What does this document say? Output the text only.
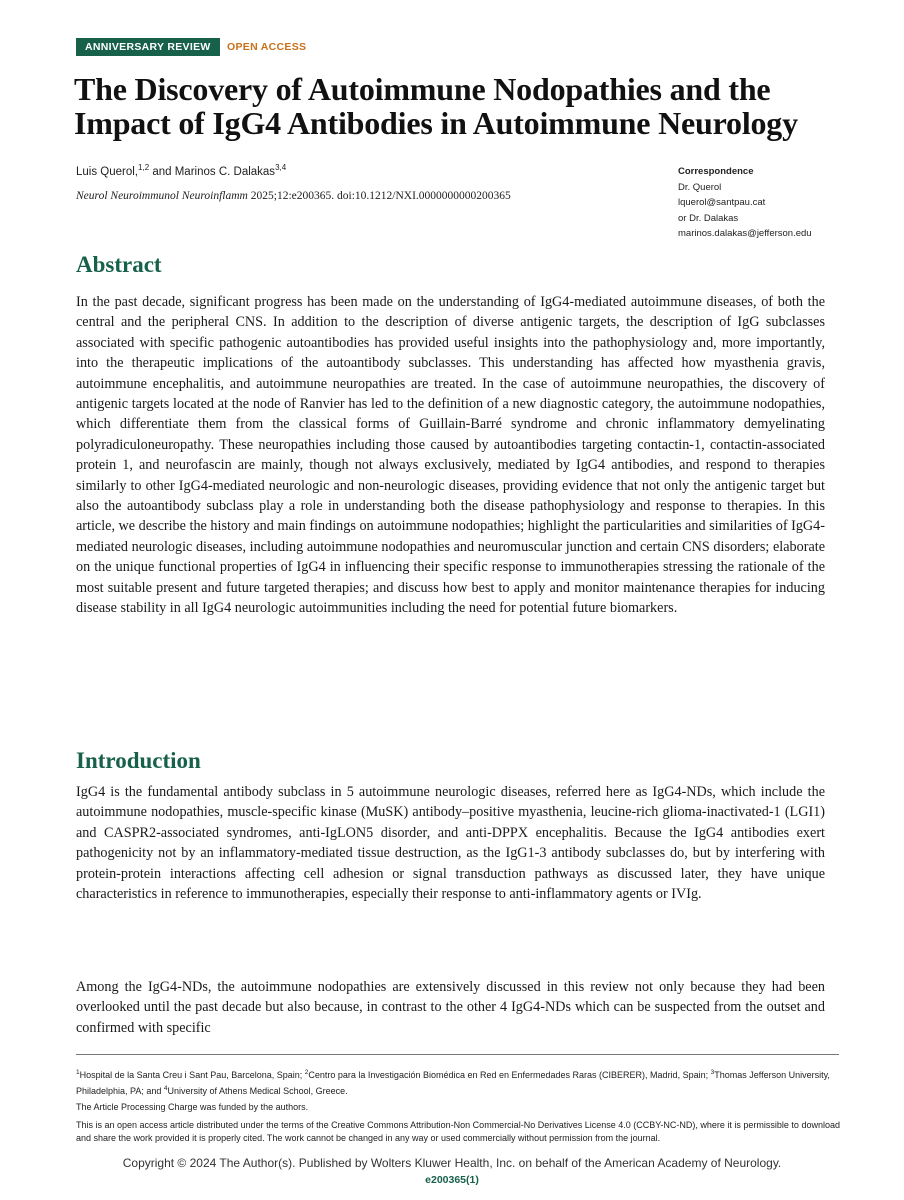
ANNIVERSARY REVIEW	OPEN ACCESS
The Discovery of Autoimmune Nodopathies and the Impact of IgG4 Antibodies in Autoimmune Neurology
Luis Querol,$^{1,2}$ and Marinos C. Dalakas$^{3,4}$
Neurol Neuroimmunol Neuroinflamm 2025;12:e200365. doi:10.1212/NXI.0000000000200365
Correspondence
Dr. Querol
lquerol@santpau.cat
or Dr. Dalakas
marinos.dalakas@jefferson.edu
Abstract

In the past decade, significant progress has been made on the understanding of IgG4-mediated autoimmune diseases, of both the central and the peripheral CNS. In addition to the description of diverse antigenic targets, the description of IgG subclasses associated with specific pathogenic autoantibodies has provided useful insights into the pathophysiology and, more importantly, into the therapeutic implications of the autoantibody subclasses. This understanding has affected how myasthenia gravis, autoimmune encephalitis, and autoimmune neuropathies are treated. In the case of autoimmune neuropathies, the discovery of antigenic targets located at the node of Ranvier has led to the definition of a new diagnostic category, the autoimmune nodopathies, which differentiate them from the classical forms of Guillain-Barré syndrome and chronic inflammatory demyelinating polyradiculoneuropathy. These neuropathies including those caused by autoantibodies targeting contactin-1, contactin-associated protein 1, and neurofascin are mainly, though not always exclusively, mediated by IgG4 antibodies, and respond to therapies similarly to other IgG4-mediated neurologic and non-neurologic diseases, providing evidence that not only the antigenic target but also the autoantibody subclass play a role in understanding both the disease pathophysiology and response to therapies. In this article, we describe the history and main findings on autoimmune nodopathies; highlight the particularities and similarities of IgG4-mediated neurologic diseases, including autoimmune nodopathies and neuromuscular junction and certain CNS disorders; elaborate on the unique functional properties of IgG4 in influencing their specific response to immunotherapies stressing the rationale of the most suitable present and future targeted therapies; and discuss how best to apply and monitor maintenance therapies for inducing disease stability in all IgG4 neurologic autoimmunities including the need for potential future biomarkers.

Introduction

IgG4 is the fundamental antibody subclass in 5 autoimmune neurologic diseases, referred here as IgG4-NDs, which include the autoimmune nodopathies, muscle-specific kinase (MuSK) antibody–positive myasthenia, leucine-rich glioma-inactivated-1 (LGI1) and CASPR2-associated syndromes, anti-IgLON5 disorder, and anti-DPPX encephalitis. Because the IgG4 antibodies exert pathogenicity not by an inflammatory-mediated tissue destruction, as the IgG1-3 antibody subclasses do, but by interfering with protein-protein interactions affecting cell adhesion or signal transduction pathways as discussed later, they have unique characteristics in reference to immunotherapies, especially their response to anti-inflammatory agents or IVIg.

Among the IgG4-NDs, the autoimmune nodopathies are extensively discussed in this review not only because they had been overlooked until the past decade but also because, in contrast to the other 4 IgG4-NDs which can be suspected from the outset and confirmed with specific

$^1$Hospital de la Santa Creu i Sant Pau, Barcelona, Spain; $^2$Centro para la Investigación Biomédica en Red en Enfermedades Raras (CIBERER), Madrid, Spain; $^3$Thomas Jefferson University, Philadelphia, PA; and $^4$University of Athens Medical School, Greece.

The Article Processing Charge was funded by the authors.

This is an open access article distributed under the terms of the Creative Commons Attribution-Non Commercial-No Derivatives License 4.0 (CCBY-NC-ND), where it is permissible to download and share the work provided it is properly cited. The work cannot be changed in any way or used commercially without permission from the journal.

Copyright © 2024 The Author(s). Published by Wolters Kluwer Health, Inc. on behalf of the American Academy of Neurology.
e200365(1)
